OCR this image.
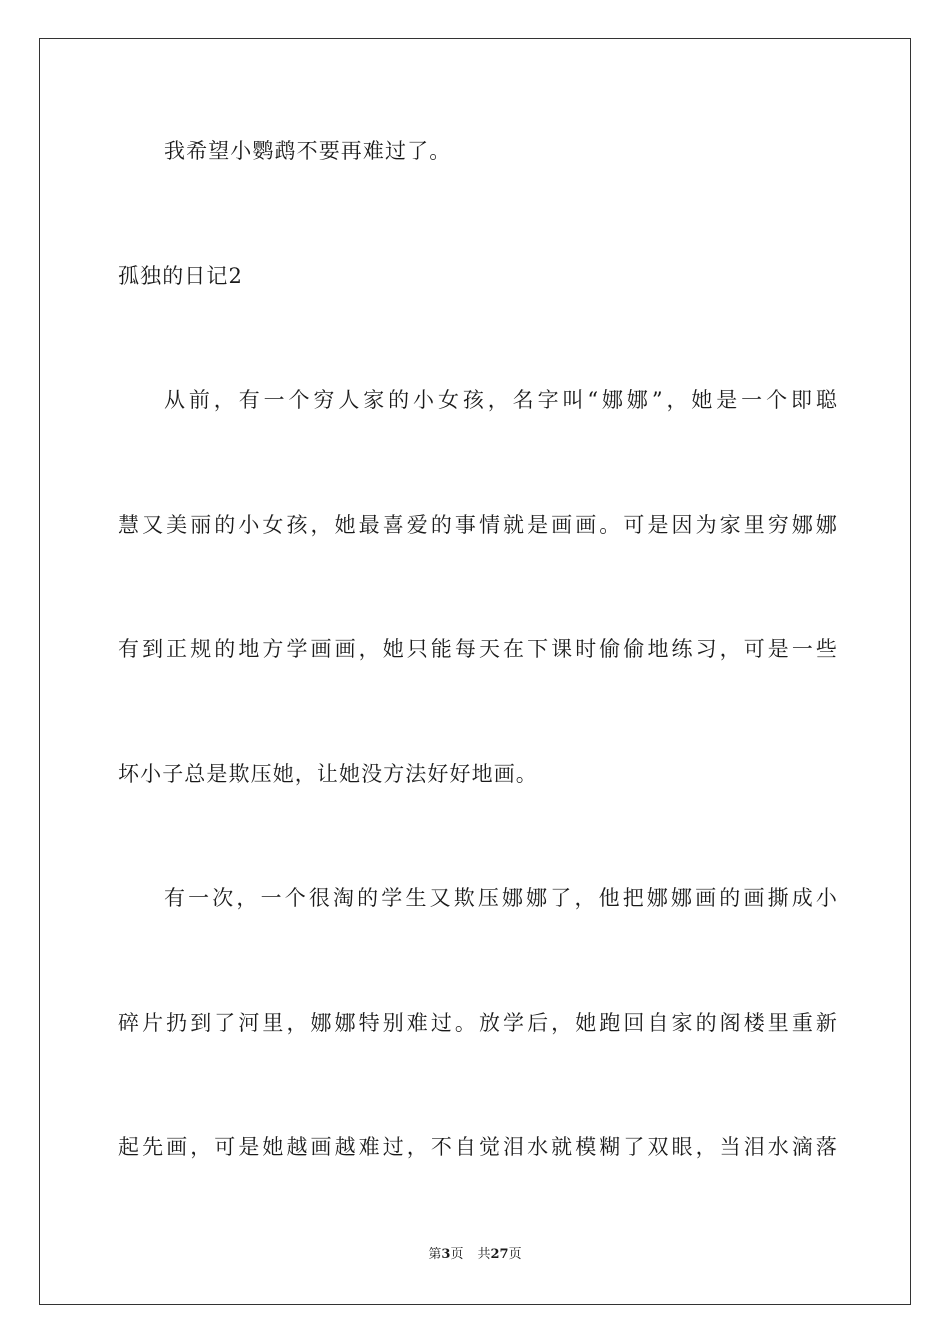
我希望小鹦鹉不要再难过了。
孤独的日记2
从前，有一个穷人家的小女孩，名字叫“娜娜”，她是一个即聪
慧又美丽的小女孩，她最喜爱的事情就是画画。可是因为家里穷娜娜
有到正规的地方学画画，她只能每天在下课时偷偷地练习，可是一些
坏小子总是欺压她，让她没方法好好地画。
有一次，一个很淘的学生又欺压娜娜了，他把娜娜画的画撕成小
碎片扔到了河里，娜娜特别难过。放学后，她跑回自家的阁楼里重新
起先画，可是她越画越难过，不自觉泪水就模糊了双眼，当泪水滴落
第3页 共27页
